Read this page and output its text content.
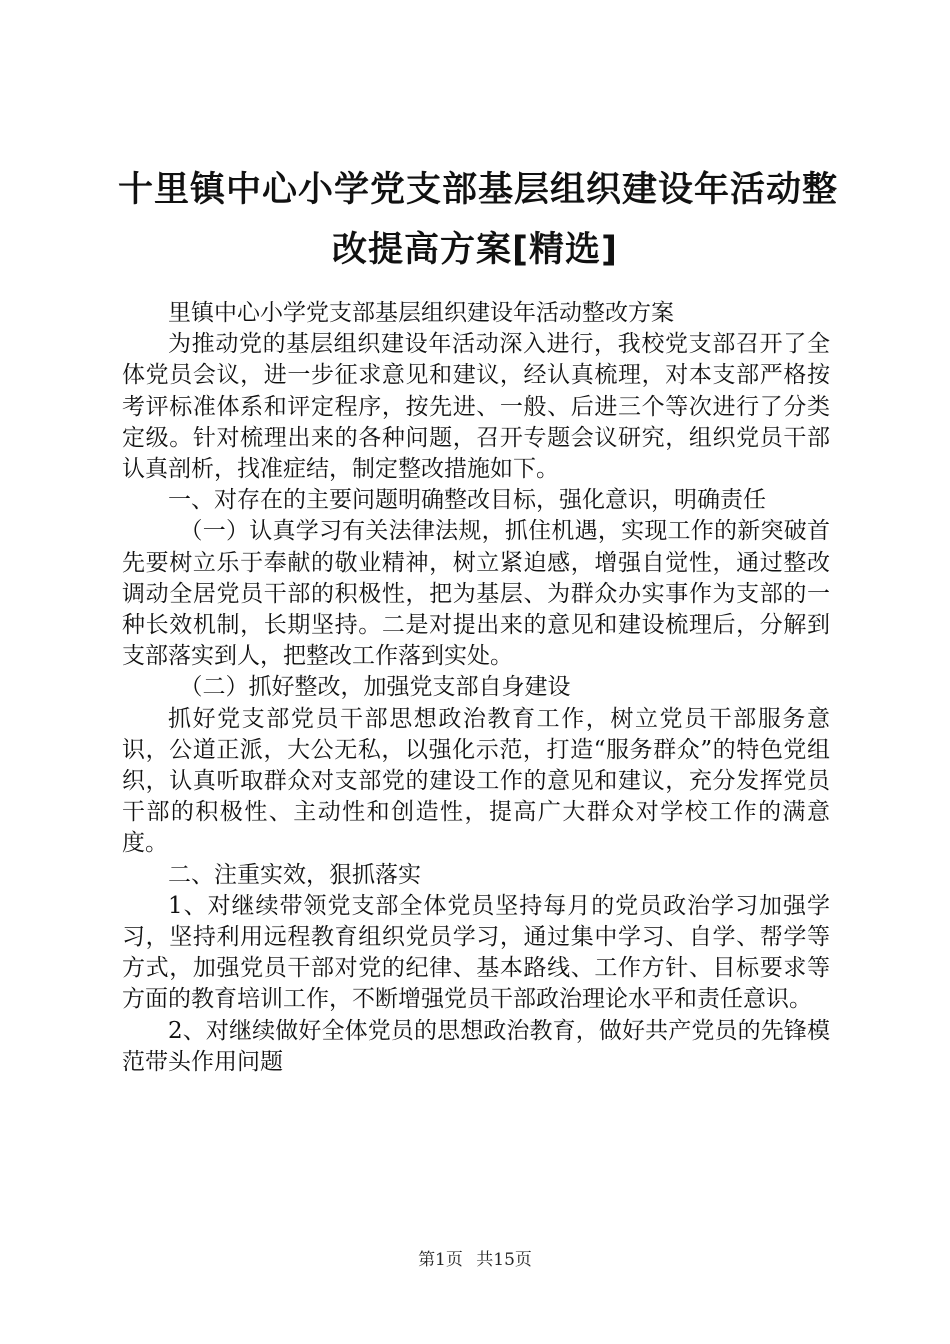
十里镇中心小学党支部基层组织建设年活动整
改提高方案[精选]

里镇中心小学党支部基层组织建设年活动整改方案

为推动党的基层组织建设年活动深入进行，我校党支部召开了全体党员会议，进一步征求意见和建议，经认真梳理，对本支部严格按考评标准体系和评定程序，按先进、一般、后进三个等次进行了分类定级。针对梳理出来的各种问题，召开专题会议研究，组织党员干部认真剖析，找准症结，制定整改措施如下。

一、对存在的主要问题明确整改目标，强化意识，明确责任

（一）认真学习有关法律法规，抓住机遇，实现工作的新突破首先要树立乐于奉献的敬业精神，树立紧迫感，增强自觉性，通过整改调动全居党员干部的积极性，把为基层、为群众办实事作为支部的一种长效机制，长期坚持。二是对提出来的意见和建设梳理后，分解到支部落实到人，把整改工作落到实处。

（二）抓好整改，加强党支部自身建设

抓好党支部党员干部思想政治教育工作，树立党员干部服务意识，公道正派，大公无私，以强化示范，打造“服务群众”的特色党组织，认真听取群众对支部党的建设工作的意见和建议，充分发挥党员干部的积极性、主动性和创造性，提高广大群众对学校工作的满意度。

二、注重实效，狠抓落实

1、对继续带领党支部全体党员坚持每月的党员政治学习加强学习，坚持利用远程教育组织党员学习，通过集中学习、自学、帮学等方式，加强党员干部对党的纪律、基本路线、工作方针、目标要求等方面的教育培训工作，不断增强党员干部政治理论水平和责任意识。

2、对继续做好全体党员的思想政治教育，做好共产党员的先锋模范带头作用问题

第1页 共15页
